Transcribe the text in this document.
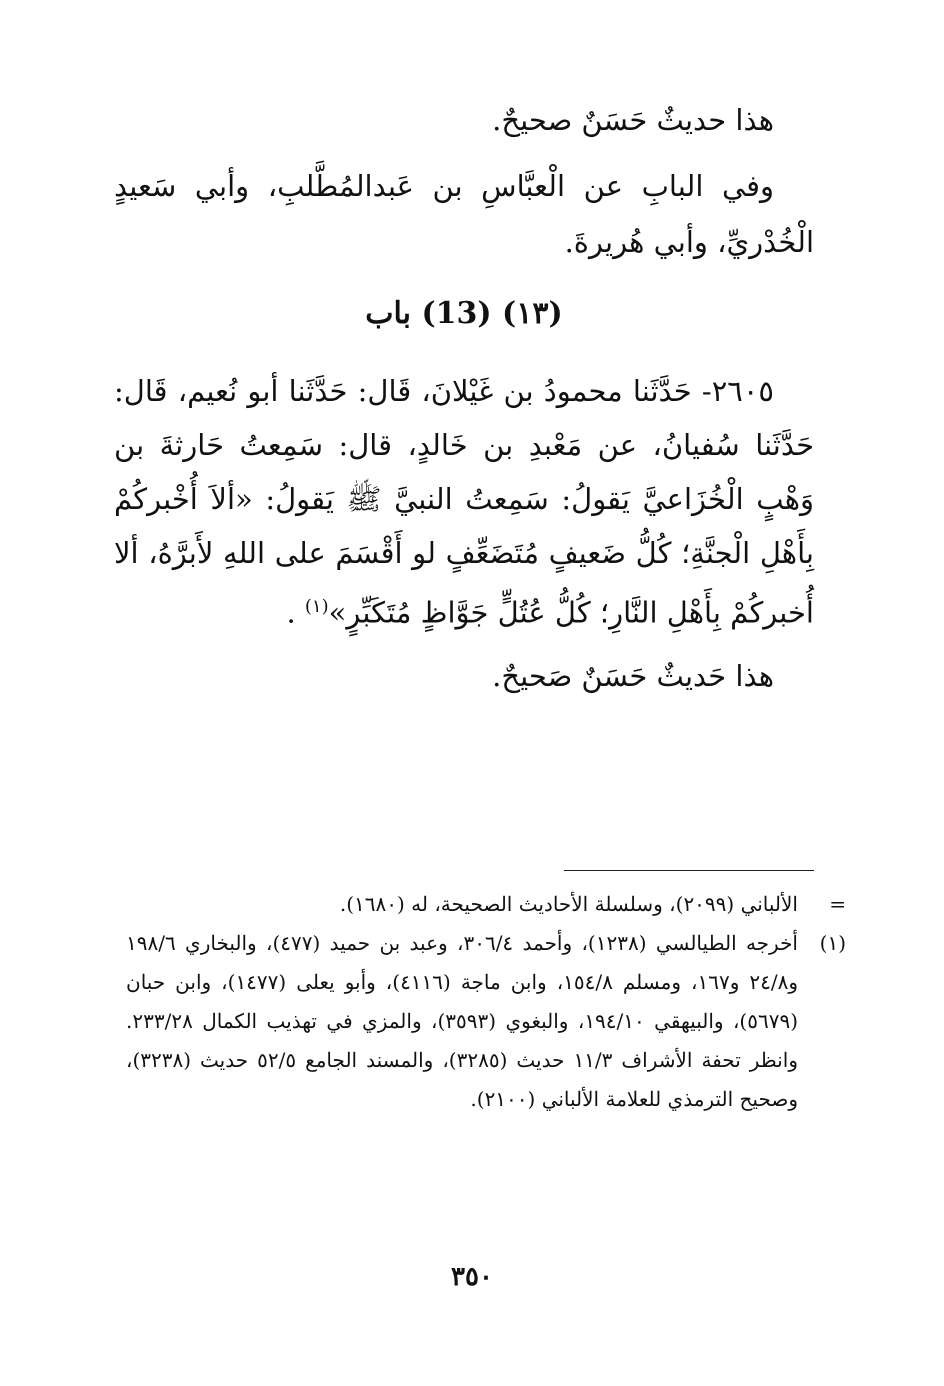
هذا حديثٌ حَسَنٌ صحيحٌ.

وفي البابِ عن الْعبَّاسِ بن عَبدالمُطَّلبِ، وأبي سَعيدٍ الْخُدْريِّ، وأبي هُريرةَ.

(١٣) (13) باب

٢٦٠٥- حَدَّثَنا محمودُ بن غَيْلانَ، قَال: حَدَّثَنا أبو نُعيم، قَال: حَدَّثَنا سُفيانُ، عن مَعْبدِ بن خَالدٍ، قال: سَمِعتُ حَارثةَ بن وَهْبٍ الْخُزَاعيَّ يَقولُ: سَمِعتُ النبيَّ ﷺ يَقولُ: «ألاَ أُخْبركُمْ بِأَهْلِ الْجنَّةِ؛ كُلُّ ضَعيفٍ مُتَضَعِّفٍ لو أَقْسَمَ على اللهِ لأَبرَّهُ، ألا أُخبركُمْ بِأَهْلِ النَّارِ؛ كُلُّ عُتُلٍّ جَوَّاظٍ مُتَكَبِّرٍ»$^{(١)}$ .

هذا حَديثٌ حَسَنٌ صَحيحٌ.

=
الألباني (٢٠٩٩)، وسلسلة الأحاديث الصحيحة، له (١٦٨٠).
(١)
أخرجه الطيالسي (١٢٣٨)، وأحمد ٣٠٦/٤، وعبد بن حميد (٤٧٧)، والبخاري ١٩٨/٦ و٢٤/٨ و١٦٧، ومسلم ١٥٤/٨، وابن ماجة (٤١١٦)، وأبو يعلى (١٤٧٧)، وابن حبان (٥٦٧٩)، والبيهقي ١٩٤/١٠، والبغوي (٣٥٩٣)، والمزي في تهذيب الكمال ٢٣٣/٢٨. وانظر تحفة الأشراف ١١/٣ حديث (٣٢٨٥)، والمسند الجامع ٥٢/٥ حديث (٣٢٣٨)، وصحيح الترمذي للعلامة الألباني (٢١٠٠).
٣٥٠
